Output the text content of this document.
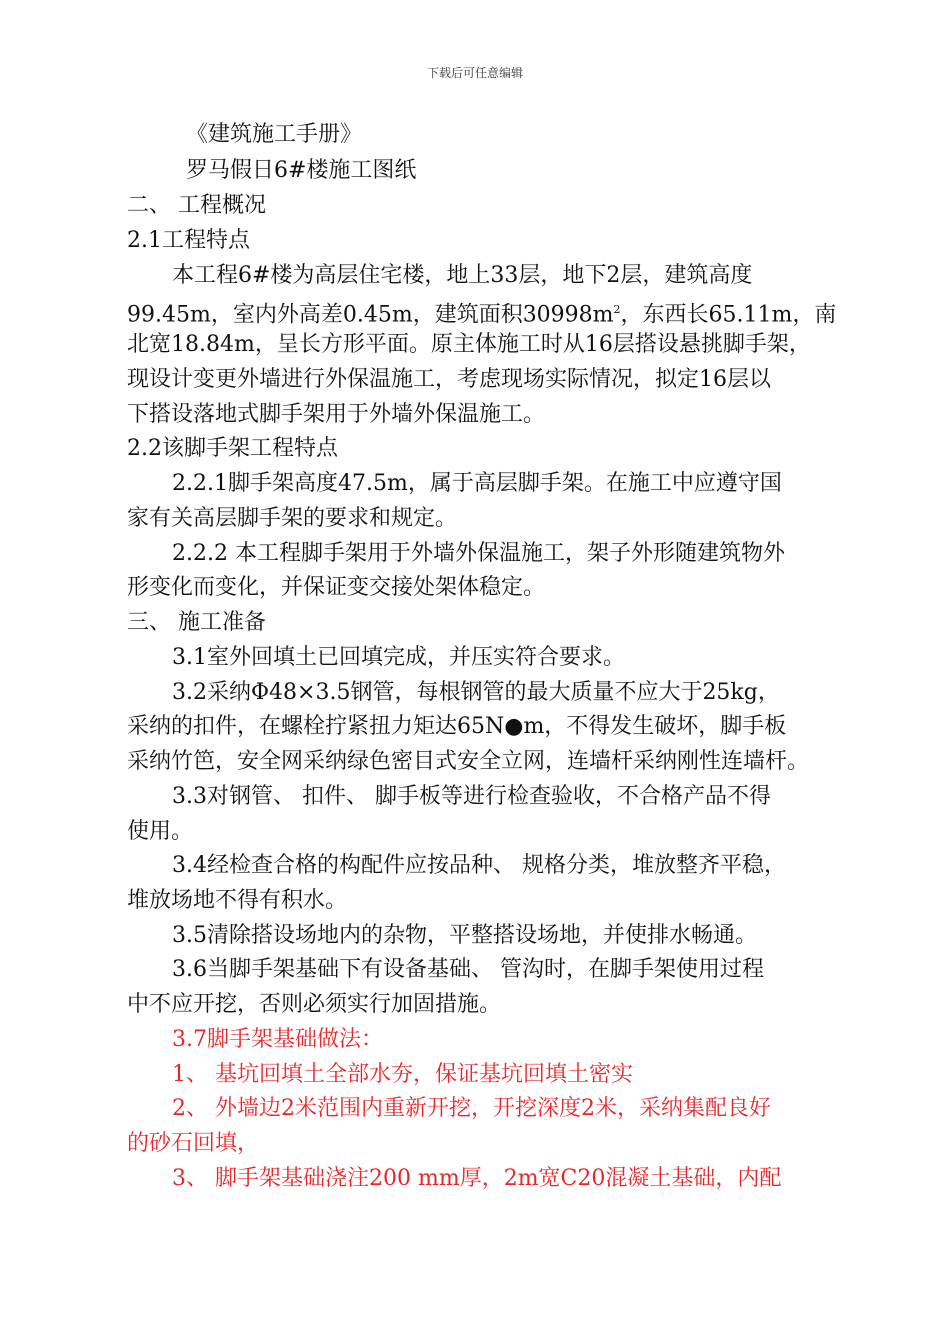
下载后可任意编辑
《建筑施工手册》
罗马假日6#楼施工图纸
二、 工程概况
2.1工程特点
本工程6#楼为高层住宅楼，地上33层，地下2层，建筑高度
99.45m，室内外高差0.45m，建筑面积$30998m^2$，东西长65.11m，南
北宽18.84m，呈长方形平面。原主体施工时从16层搭设悬挑脚手架，
现设计变更外墙进行外保温施工，考虑现场实际情况，拟定16层以
下搭设落地式脚手架用于外墙外保温施工。
2.2该脚手架工程特点
2.2.1脚手架高度47.5m，属于高层脚手架。在施工中应遵守国
家有关高层脚手架的要求和规定。
2.2.2 本工程脚手架用于外墙外保温施工，架子外形随建筑物外
形变化而变化，并保证变交接处架体稳定。
三、 施工准备
3.1室外回填土已回填完成，并压实符合要求。
3.2采纳Φ48×3.5钢管，每根钢管的最大质量不应大于25kg，
采纳的扣件，在螺栓拧紧扭力矩达65N●m，不得发生破坏，脚手板
采纳竹笆，安全网采纳绿色密目式安全立网，连墙杆采纳刚性连墙杆。
3.3对钢管、 扣件、 脚手板等进行检查验收，不合格产品不得
使用。
3.4经检查合格的构配件应按品种、 规格分类，堆放整齐平稳，
堆放场地不得有积水。
3.5清除搭设场地内的杂物，平整搭设场地，并使排水畅通。
3.6当脚手架基础下有设备基础、 管沟时，在脚手架使用过程
中不应开挖，否则必须实行加固措施。
3.7脚手架基础做法：
1、 基坑回填土全部水夯，保证基坑回填土密实
2、 外墙边2米范围内重新开挖，开挖深度2米，采纳集配良好
的砂石回填，
3、 脚手架基础浇注200 mm厚，2m宽C20混凝土基础，内配
